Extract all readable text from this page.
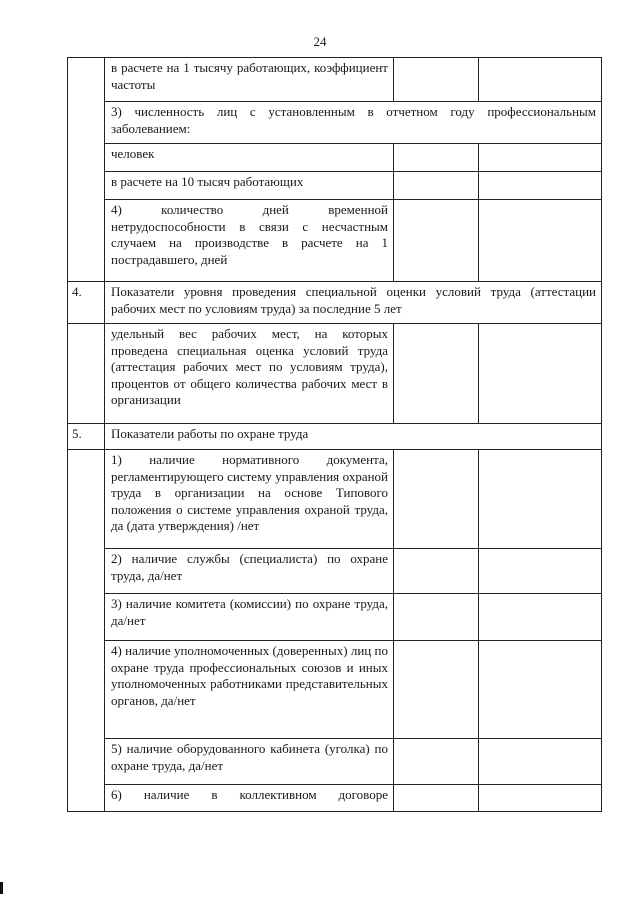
24
	в расчете на 1 тысячу работающих, коэффициент частоты		
	3) численность лиц с установленным в отчетном году профессиональным заболеванием:		
	человек		
	в расчете на 10 тысяч работающих		
	4) количество дней временной нетрудоспособности в связи с несчастным случаем на производстве в расчете на 1 пострадавшего, дней		
4.	Показатели уровня проведения специальной оценки условий труда (аттестации рабочих мест по условиям труда) за последние 5 лет		
	удельный вес рабочих мест, на которых проведена специальная оценка условий труда (аттестация рабочих мест по условиям труда), процентов от общего количества рабочих мест в организации		
5.	Показатели работы по охране труда		
	1) наличие нормативного документа, регламентирующего систему управления охраной труда в организации на основе Типового положения о системе управления охраной труда, да (дата утверждения) /нет		
	2) наличие службы (специалиста) по охране труда, да/нет		
	3) наличие комитета (комиссии) по охране труда, да/нет		
	4) наличие уполномоченных (доверенных) лиц по охране труда профессиональных союзов и иных уполномоченных работниками представительных органов, да/нет		
	5) наличие оборудованного кабинета (уголка) по охране труда, да/нет		
	6) наличие в коллективном договоре		
